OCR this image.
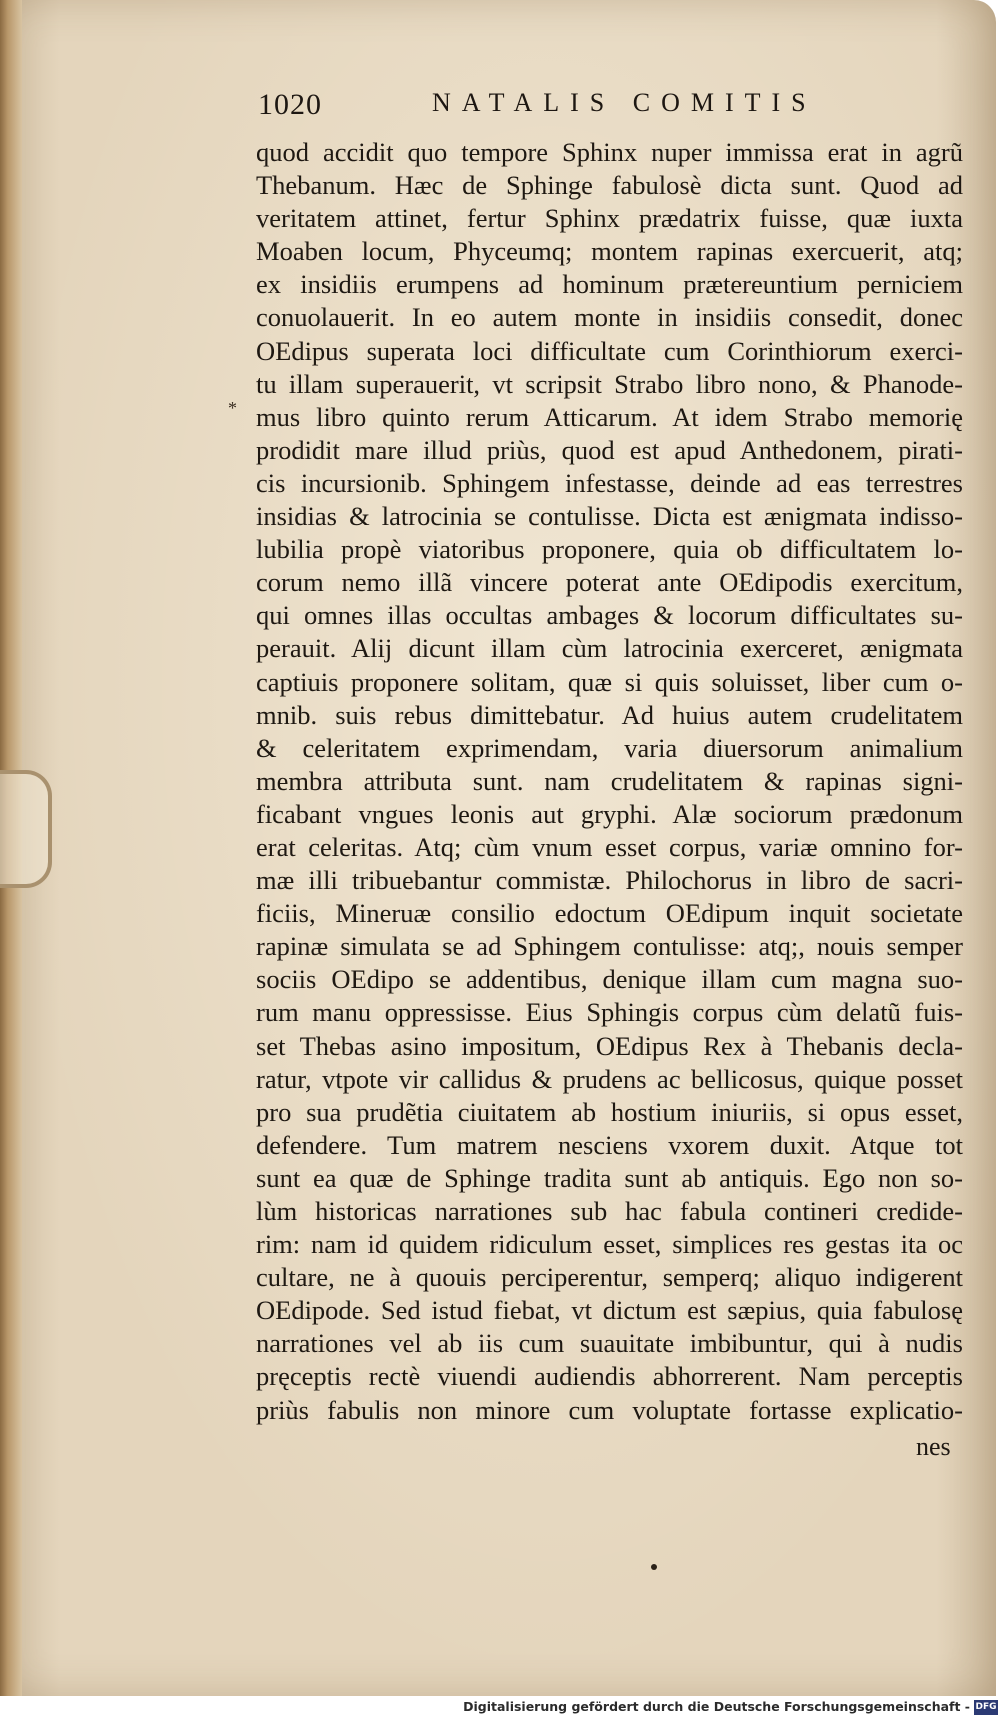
1020	NATALIS COMITIS
*
quod accidit quo tempore Sphinx nuper immissa erat in agrũ
Thebanum. Hæc de Sphinge fabulosè dicta sunt. Quod ad
veritatem attinet, fertur Sphinx prædatrix fuisse, quæ iuxta
Moaben locum, Phyceumq; montem rapinas exercuerit, atq;
ex insidiis erumpens ad hominum prætereuntium perniciem
conuolauerit. In eo autem monte in insidiis consedit, donec
OEdipus superata loci difficultate cum Corinthiorum exerci-
tu illam superauerit, vt scripsit Strabo libro nono, & Phanode-
mus libro quinto rerum Atticarum. At idem Strabo memorię
prodidit mare illud priùs, quod est apud Anthedonem, pirati-
cis incursionib. Sphingem infestasse, deinde ad eas terrestres
insidias & latrocinia se contulisse. Dicta est ænigmata indisso-
lubilia propè viatoribus proponere, quia ob difficultatem lo-
corum nemo illã vincere poterat ante OEdipodis exercitum,
qui omnes illas occultas ambages & locorum difficultates su-
perauit. Alij dicunt illam cùm latrocinia exerceret, ænigmata
captiuis proponere solitam, quæ si quis soluisset, liber cum o-
mnib. suis rebus dimittebatur. Ad huius autem crudelitatem
& celeritatem exprimendam, varia diuersorum animalium
membra attributa sunt. nam crudelitatem & rapinas signi-
ficabant vngues leonis aut gryphi. Alæ sociorum prædonum
erat celeritas. Atq; cùm vnum esset corpus, variæ omnino for-
mæ illi tribuebantur commistæ. Philochorus in libro de sacri-
ficiis, Mineruæ consilio edoctum OEdipum inquit societate
rapinæ simulata se ad Sphingem contulisse: atq;, nouis semper
sociis OEdipo se addentibus, denique illam cum magna suo-
rum manu oppressisse. Eius Sphingis corpus cùm delatũ fuis-
set Thebas asino impositum, OEdipus Rex à Thebanis decla-
ratur, vtpote vir callidus & prudens ac bellicosus, quique posset
pro sua prudẽtia ciuitatem ab hostium iniuriis, si opus esset,
defendere. Tum matrem nesciens vxorem duxit. Atque tot
sunt ea quæ de Sphinge tradita sunt ab antiquis. Ego non so-
lùm historicas narrationes sub hac fabula contineri credide-
rim: nam id quidem ridiculum esset, simplices res gestas ita oc
cultare, ne à quouis perciperentur, semperq; aliquo indigerent
OEdipode. Sed istud fiebat, vt dictum est sæpius, quia fabulosę
narrationes vel ab iis cum suauitate imbibuntur, qui à nudis
pręceptis rectè viuendi audiendis abhorrerent. Nam perceptis
priùs fabulis non minore cum voluptate fortasse explicatio-
nes
Digitalisierung gefördert durch die Deutsche Forschungsgemeinschaft - DFG
